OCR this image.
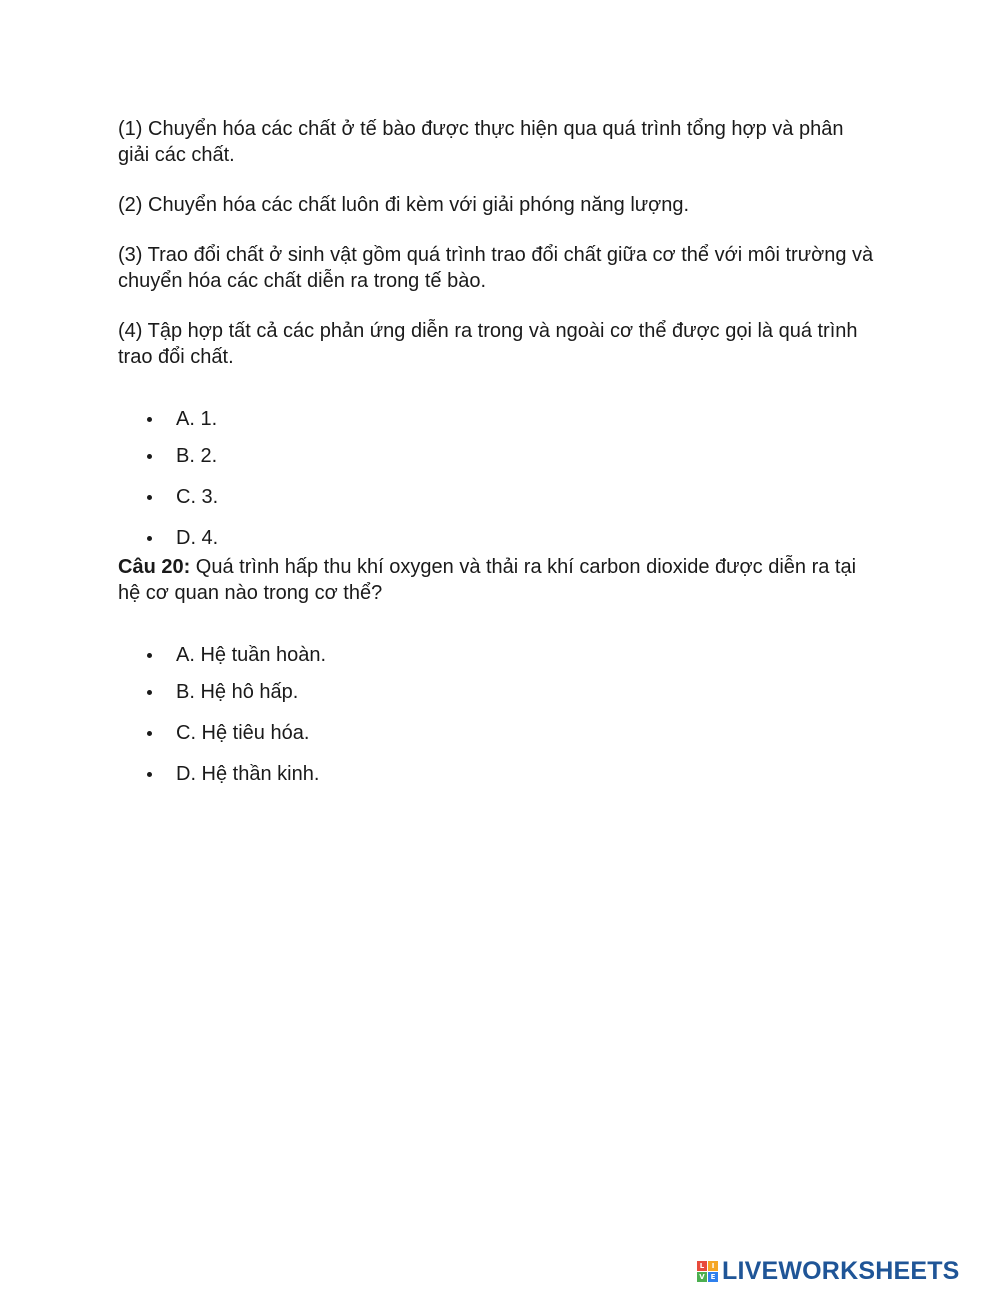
(1) Chuyển hóa các chất ở tế bào được thực hiện qua quá trình tổng hợp và phân giải các chất.

(2) Chuyển hóa các chất luôn đi kèm với giải phóng năng lượng.

(3) Trao đổi chất ở sinh vật gồm quá trình trao đổi chất giữa cơ thể với môi trường và chuyển hóa các chất diễn ra trong tế bào.

(4) Tập hợp tất cả các phản ứng diễn ra trong và ngoài cơ thể được gọi là quá trình trao đổi chất.

A. 1.
B. 2.
C. 3.
D. 4.

Câu 20: Quá trình hấp thu khí oxygen và thải ra khí carbon dioxide được diễn ra tại hệ cơ quan nào trong cơ thể?

A. Hệ tuần hoàn.
B. Hệ hô hấp.
C. Hệ tiêu hóa.
D. Hệ thần kinh.
L	I
V E LIVEWORKSHEETS
